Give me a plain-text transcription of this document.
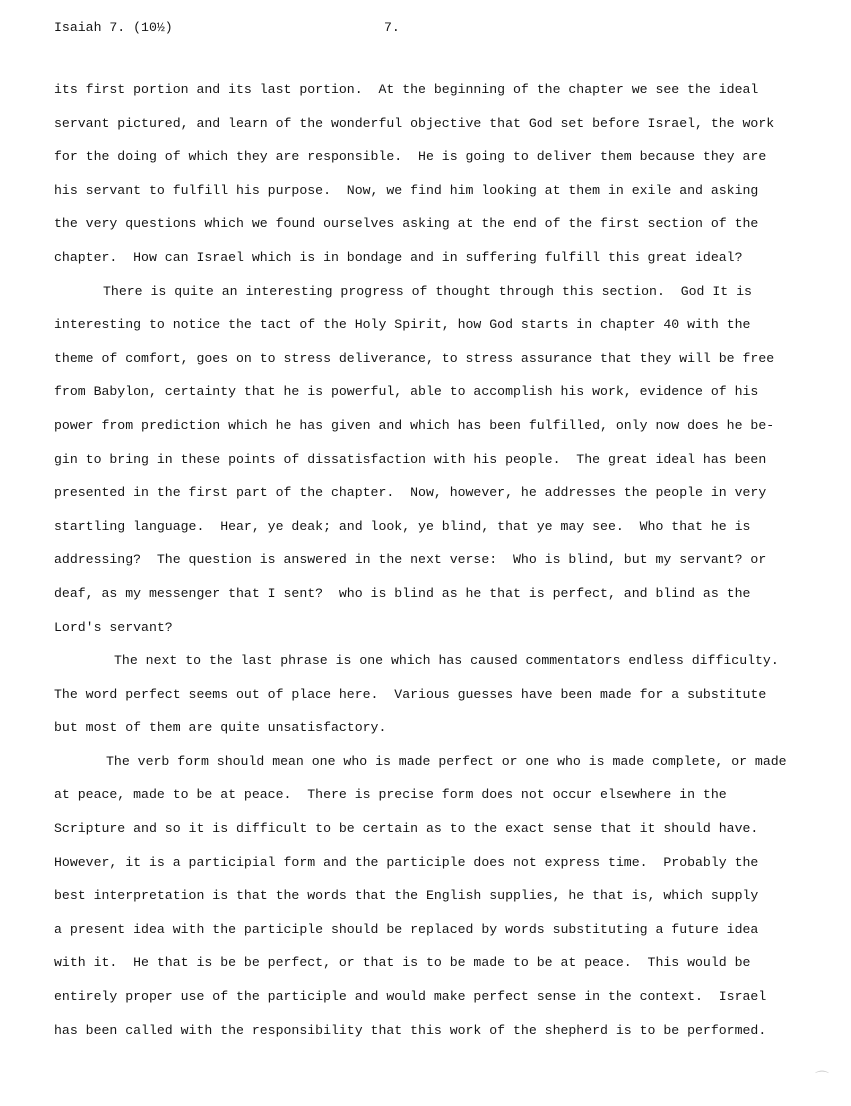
Isaiah 7. (10½)	7.
its first portion and its last portion.  At the beginning of the chapter we see the ideal
servant pictured, and learn of the wonderful objective that God set before Israel, the work
for the doing of which they are responsible.  He is going to deliver them because they are
his servant to fulfill his purpose.  Now, we find him looking at them in exile and asking
the very questions which we found ourselves asking at the end of the first section of the
chapter.  How can Israel which is in bondage and in suffering fulfill this great ideal?
There is quite an interesting progress of thought through this section.  God It is
interesting to notice the tact of the Holy Spirit, how God starts in chapter 40 with the
theme of comfort, goes on to stress deliverance, to stress assurance that they will be free
from Babylon, certainty that he is powerful, able to accomplish his work, evidence of his
power from prediction which he has given and which has been fulfilled, only now does he be-
gin to bring in these points of dissatisfaction with his people.  The great ideal has been
presented in the first part of the chapter.  Now, however, he addresses the people in very
startling language.  Hear, ye deak; and look, ye blind, that ye may see.  Who that he is
addressing?  The question is answered in the next verse:  Who is blind, but my servant? or
deaf, as my messenger that I sent?  who is blind as he that is perfect, and blind as the
Lord's servant?
The next to the last phrase is one which has caused commentators endless difficulty.
The word perfect seems out of place here.  Various guesses have been made for a substitute
but most of them are quite unsatisfactory.
The verb form should mean one who is made perfect or one who is made complete, or made
at peace, made to be at peace.  There is precise form does not occur elsewhere in the
Scripture and so it is difficult to be certain as to the exact sense that it should have.
However, it is a participial form and the participle does not express time.  Probably the
best interpretation is that the words that the English supplies, he that is, which supply
a present idea with the participle should be replaced by words substituting a future idea
with it.  He that is be be perfect, or that is to be made to be at peace.  This would be
entirely proper use of the participle and would make perfect sense in the context.  Israel
has been called with the responsibility that this work of the shepherd is to be performed.
⌒
